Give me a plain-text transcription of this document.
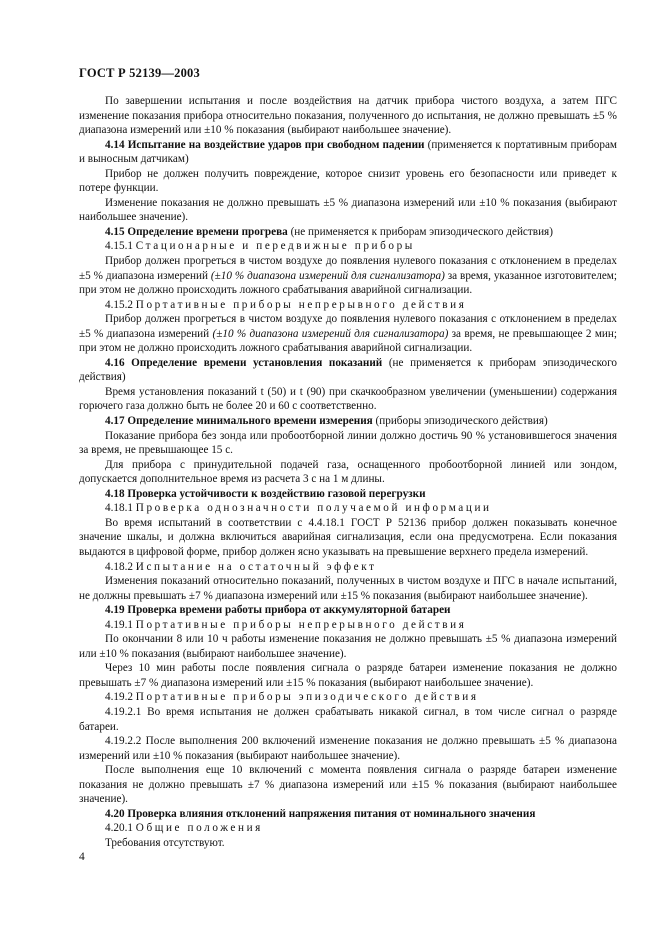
ГОСТ Р 52139—2003

По завершении испытания и после воздействия на датчик прибора чистого воздуха, а затем ПГС изменение показания прибора относительно показания, полученного до испытания, не должно превышать ±5 % диапазона измерений или ±10 % показания (выбирают наибольшее значение).

4.14 Испытание на воздействие ударов при свободном падении (применяется к портативным приборам и выносным датчикам)

Прибор не должен получить повреждение, которое снизит уровень его безопасности или приведет к потере функции.

Изменение показания не должно превышать ±5 % диапазона измерений или ±10 % показания (выбирают наибольшее значение).

4.15 Определение времени прогрева (не применяется к приборам эпизодического действия)

4.15.1 Стационарные и передвижные приборы

Прибор должен прогреться в чистом воздухе до появления нулевого показания с отклонением в пределах ±5 % диапазона измерений (±10 % диапазона измерений для сигнализатора) за время, указанное изготовителем; при этом не должно происходить ложного срабатывания аварийной сигнализации.

4.15.2 Портативные приборы непрерывного действия

Прибор должен прогреться в чистом воздухе до появления нулевого показания с отклонением в пределах ±5 % диапазона измерений (±10 % диапазона измерений для сигнализатора) за время, не превышающее 2 мин; при этом не должно происходить ложного срабатывания аварийной сигнализации.

4.16 Определение времени установления показаний (не применяется к приборам эпизодического действия)

Время установления показаний t (50) и t (90) при скачкообразном увеличении (уменьшении) содержания горючего газа должно быть не более 20 и 60 с соответственно.

4.17 Определение минимального времени измерения (приборы эпизодического действия)

Показание прибора без зонда или пробоотборной линии должно достичь 90 % установившегося значения за время, не превышающее 15 с.

Для прибора с принудительной подачей газа, оснащенного пробоотборной линией или зондом, допускается дополнительное время из расчета 3 с на 1 м длины.

4.18 Проверка устойчивости к воздействию газовой перегрузки

4.18.1 Проверка однозначности получаемой информации

Во время испытаний в соответствии с 4.4.18.1 ГОСТ Р 52136 прибор должен показывать конечное значение шкалы, и должна включиться аварийная сигнализация, если она предусмотрена. Если показания выдаются в цифровой форме, прибор должен ясно указывать на превышение верхнего предела измерений.

4.18.2 Испытание на остаточный эффект

Изменения показаний относительно показаний, полученных в чистом воздухе и ПГС в начале испытаний, не должны превышать ±7 % диапазона измерений или ±15 % показания (выбирают наибольшее значение).

4.19 Проверка времени работы прибора от аккумуляторной батареи

4.19.1 Портативные приборы непрерывного действия

По окончании 8 или 10 ч работы изменение показания не должно превышать ±5 % диапазона измерений или ±10 % показания (выбирают наибольшее значение).

Через 10 мин работы после появления сигнала о разряде батареи изменение показания не должно превышать ±7 % диапазона измерений или ±15 % показания (выбирают наибольшее значение).

4.19.2 Портативные приборы эпизодического действия

4.19.2.1 Во время испытания не должен срабатывать никакой сигнал, в том числе сигнал о разряде батареи.

4.19.2.2 После выполнения 200 включений изменение показания не должно превышать ±5 % диапазона измерений или ±10 % показания (выбирают наибольшее значение).

После выполнения еще 10 включений с момента появления сигнала о разряде батареи изменение показания не должно превышать ±7 % диапазона измерений или ±15 % показания (выбирают наибольшее значение).

4.20 Проверка влияния отклонений напряжения питания от номинального значения

4.20.1 Общие положения

Требования отсутствуют.

4
